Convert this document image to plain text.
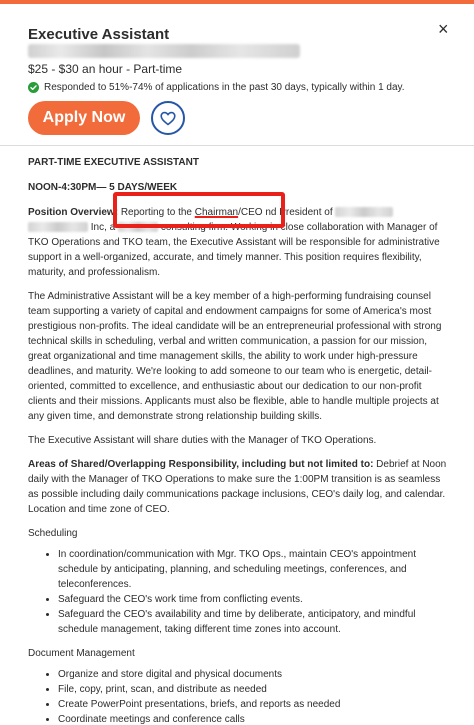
Executive Assistant	×
$25 - $30 an hour - Part-time
Responded to 51%-74% of applications in the past 30 days, typically within 1 day.
Apply Now

PART-TIME EXECUTIVE ASSISTANT

NOON-4:30PM— 5 DAYS/WEEK

Position Overview: Reporting to the Chairman/CEO nd President of
Inc, a	consulting firm. Working in close collaboration with Manager of TKO Operations and TKO team, the Executive Assistant will be responsible for administrative support in a well-organized, accurate, and timely manner. This position requires flexibility, maturity, and professionalism.

The Administrative Assistant will be a key member of a high-performing fundraising counsel team supporting a variety of capital and endowment campaigns for some of America's most prestigious non-profits. The ideal candidate will be an entrepreneurial professional with strong technical skills in scheduling, verbal and written communication, a passion for our mission, great organizational and time management skills, the ability to work under high-pressure deadlines, and maturity. We're looking to add someone to our team who is energetic, detail-oriented, committed to excellence, and enthusiastic about our dedication to our non-profit clients and their missions. Applicants must also be flexible, able to handle multiple projects at any given time, and demonstrate strong relationship building skills.

The Executive Assistant will share duties with the Manager of TKO Operations.

Areas of Shared/Overlapping Responsibility, including but not limited to: Debrief at Noon daily with the Manager of TKO Operations to make sure the 1:00PM transition is as seamless as possible including daily communications package inclusions, CEO's daily log, and calendar. Location and time zone of CEO.

Scheduling

• In coordination/communication with Mgr. TKO Ops., maintain CEO's appointment schedule by anticipating, planning, and scheduling meetings, conferences, and teleconferences.
• Safeguard the CEO's work time from conflicting events.
• Safeguard the CEO's availability and time by deliberate, anticipatory, and mindful schedule management, taking different time zones into account.

Document Management

• Organize and store digital and physical documents
• File, copy, print, scan, and distribute as needed
• Create PowerPoint presentations, briefs, and reports as needed
• Coordinate meetings and conference calls
